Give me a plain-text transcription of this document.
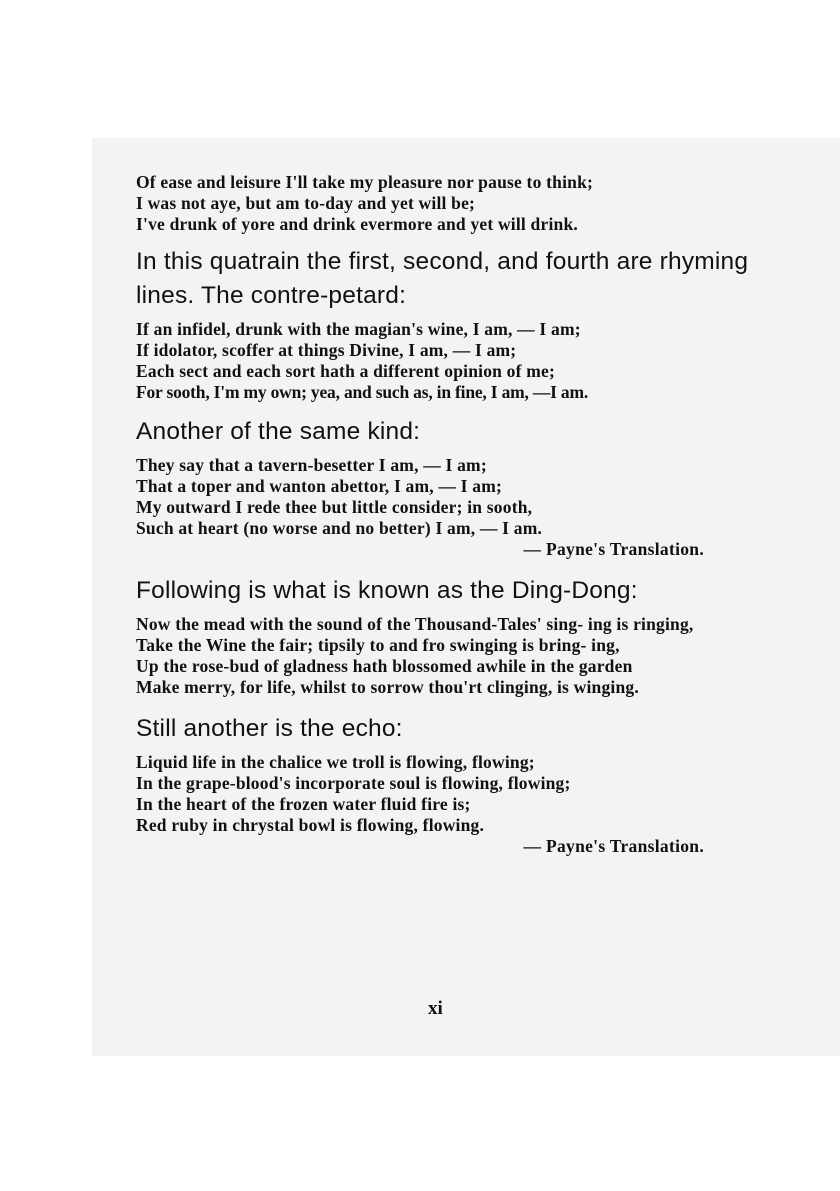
Of ease and leisure I'll take my pleasure nor pause to think;
I was not aye, but am to-day and yet will be;
I've drunk of yore and drink evermore and yet will drink.

In this quatrain the first, second, and fourth are rhyming lines. The contre-petard:

If an infidel, drunk with the magian's wine, I am, — I am;
If idolator, scoffer at things Divine, I am, — I am;
Each sect and each sort hath a different opinion of me;
For sooth, I'm my own; yea, and such as, in fine, I am, —I am.

Another of the same kind:

They say that a tavern-besetter I am, — I am;
That a toper and wanton abettor, I am, — I am;
My outward I rede thee but little consider; in sooth,
Such at heart (no worse and no better) I am, — I am.
— Payne's Translation.

Following is what is known as the Ding-Dong:

Now the mead with the sound of the Thousand-Tales' sing- ing is ringing,
Take the Wine the fair; tipsily to and fro swinging is bring- ing,
Up the rose-bud of gladness hath blossomed awhile in the garden
Make merry, for life, whilst to sorrow thou'rt clinging, is winging.

Still another is the echo:

Liquid life in the chalice we troll is flowing, flowing;
In the grape-blood's incorporate soul is flowing, flowing;
In the heart of the frozen water fluid fire is;
Red ruby in chrystal bowl is flowing, flowing.
— Payne's Translation.
xi
